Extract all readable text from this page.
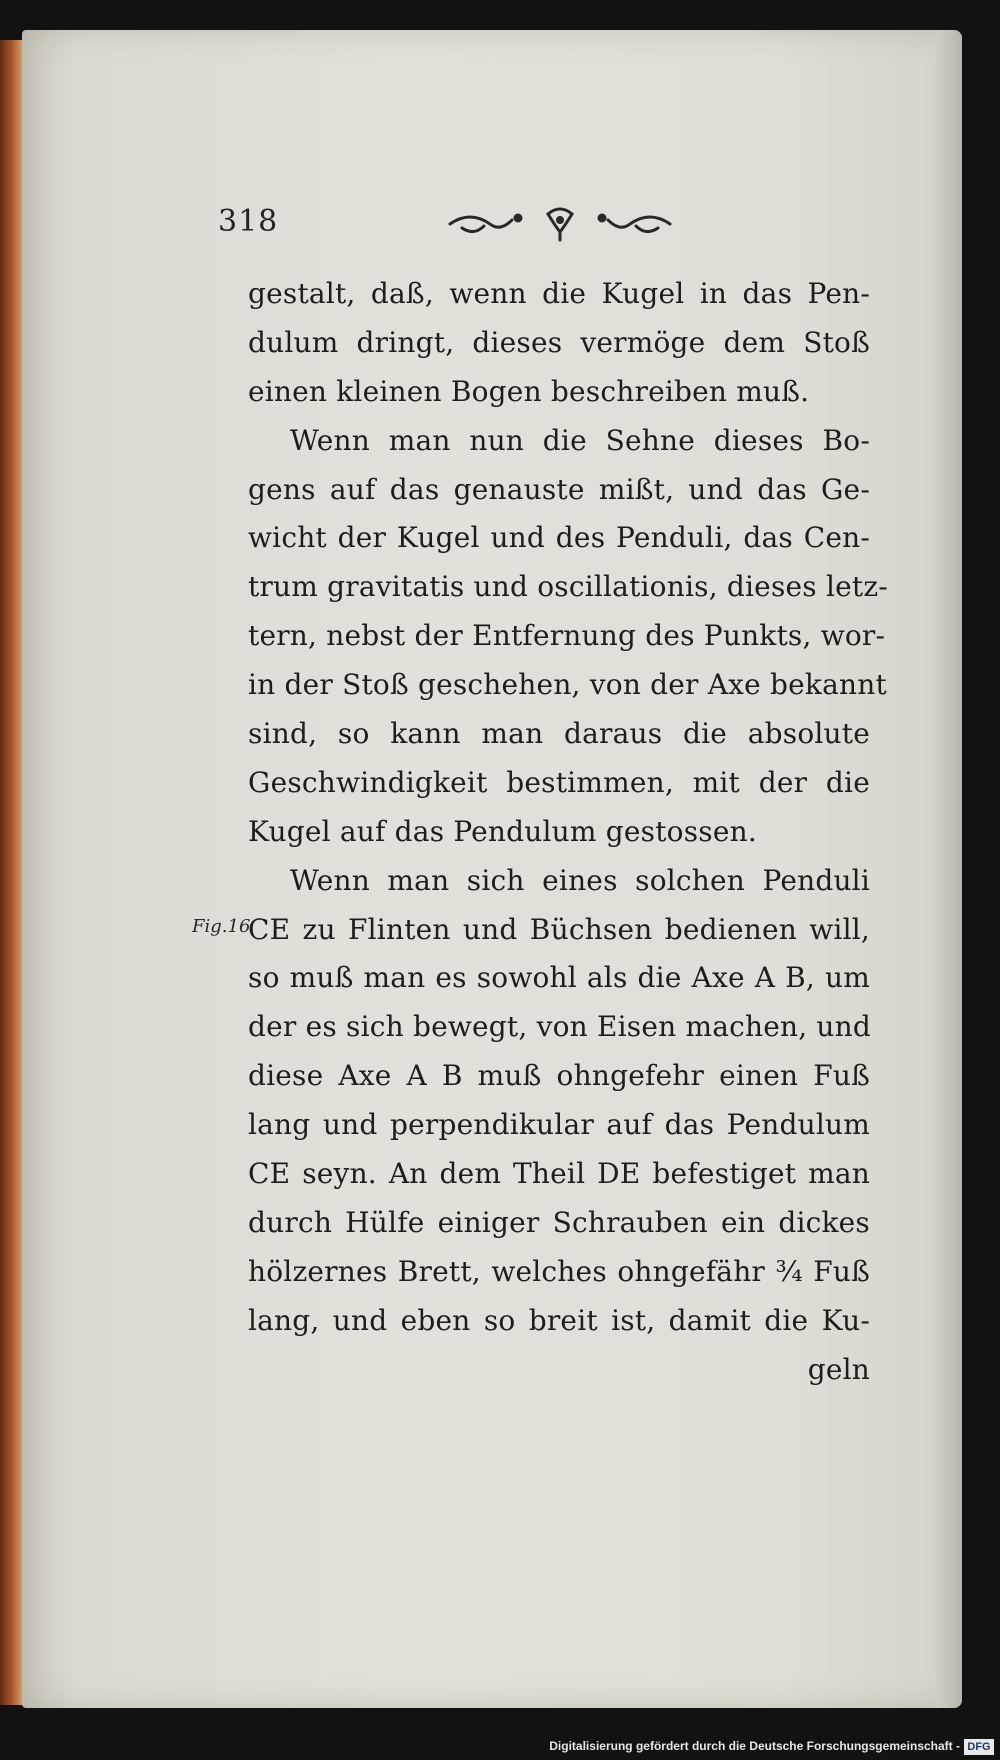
318
Fig.16
gestalt, daß, wenn die Kugel in das Pen-
dulum dringt, dieses vermöge dem Stoß
einen kleinen Bogen beschreiben muß.
Wenn man nun die Sehne dieses Bo-
gens auf das genauste mißt, und das Ge-
wicht der Kugel und des Penduli, das Cen-
trum gravitatis und oscillationis, dieses letz-
tern, nebst der Entfernung des Punkts, wor-
in der Stoß geschehen, von der Axe bekannt
sind, so kann man daraus die absolute
Geschwindigkeit bestimmen, mit der die
Kugel auf das Pendulum gestossen.
Wenn man sich eines solchen Penduli
CE zu Flinten und Büchsen bedienen will,
so muß man es sowohl als die Axe A B, um
der es sich bewegt, von Eisen machen, und
diese Axe A B muß ohngefehr einen Fuß
lang und perpendikular auf das Pendulum
CE seyn. An dem Theil DE befestiget man
durch Hülfe einiger Schrauben ein dickes
hölzernes Brett, welches ohngefähr ¾ Fuß
lang, und eben so breit ist, damit die Ku-
geln
Digitalisierung gefördert durch die Deutsche Forschungsgemeinschaft - DFG
